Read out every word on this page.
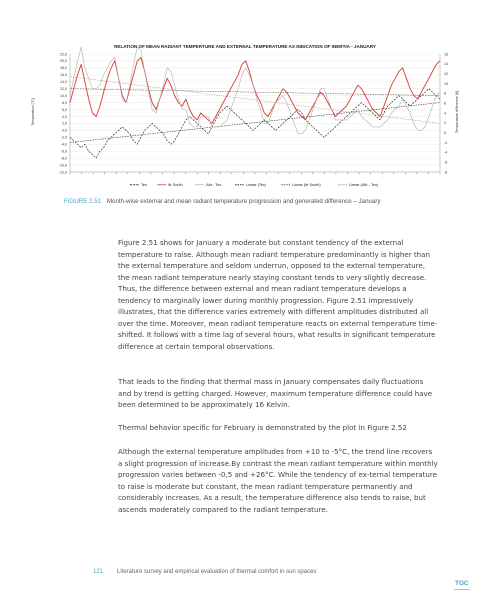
RELATION OF MEAN RADIANT TEMPERTURE AND EXTERNAL TEMPERATURE AS INDICATION OF INERTIA - JANUARY
Temperature [°C]	Temperature difference [K]
22,0
20,0
18,0
16,0
14,0
12,0
10,0
8,0
6,0
4,0
2,0
0,0
-2,0
-4,0
-6,0
-8,0
-10,0
-12,0
16
14
12
10
8
6
4
2
0
-2
-4
-6
-8
Tex	θr South	Δθr - Tex	Linear (Tex)	Linear (θr South)	Linear (Δθr - Tex)
FIGURE 2.51 Month-wise external and mean radiant temperature progression and generated difference – January

Figure 2.51 shows for January a moderate but constant tendency of the external temperature to raise. Although mean radiant temperature predominantly is higher than the external temperature and seldom underrun, opposed to the external temperature, the mean radiant temperature nearly staying constant tends to very slightly decrease. Thus, the difference between external and mean radiant temperature develops a tendency to marginally lower during monthly progression. Figure 2.51 impressively illustrates, that the difference varies extremely with different amplitudes distributed all over the time. Moreover, mean radiant temperature reacts on external temperature time-shifted. It follows with a time lag of several hours, what results in significant temperature difference at certain temporal observations.

That leads to the finding that thermal mass in January compensates daily fluctuations and by trend is getting charged. However, maximum temperature difference could have been determined to be approximately 16 Kelvin.

Thermal behavior specific for February is demonstrated by the plot in Figure 2.52

Although the external temperature amplitudes from +10 to -5°C, the trend line recovers a slight progression of increase.By contrast the mean radiant temperature within monthly progression varies between -0,5 and +26°C. While the tendency of ex-ternal temperature to raise is moderate but constant, the mean radiant temperature permanently and considerably increases. As a result, the temperature difference also tends to raise, but ascends moderately compared to the radiant temperature.

121 Literature survey and empirical evaluation of thermal comfort in sun spaces
TOC
